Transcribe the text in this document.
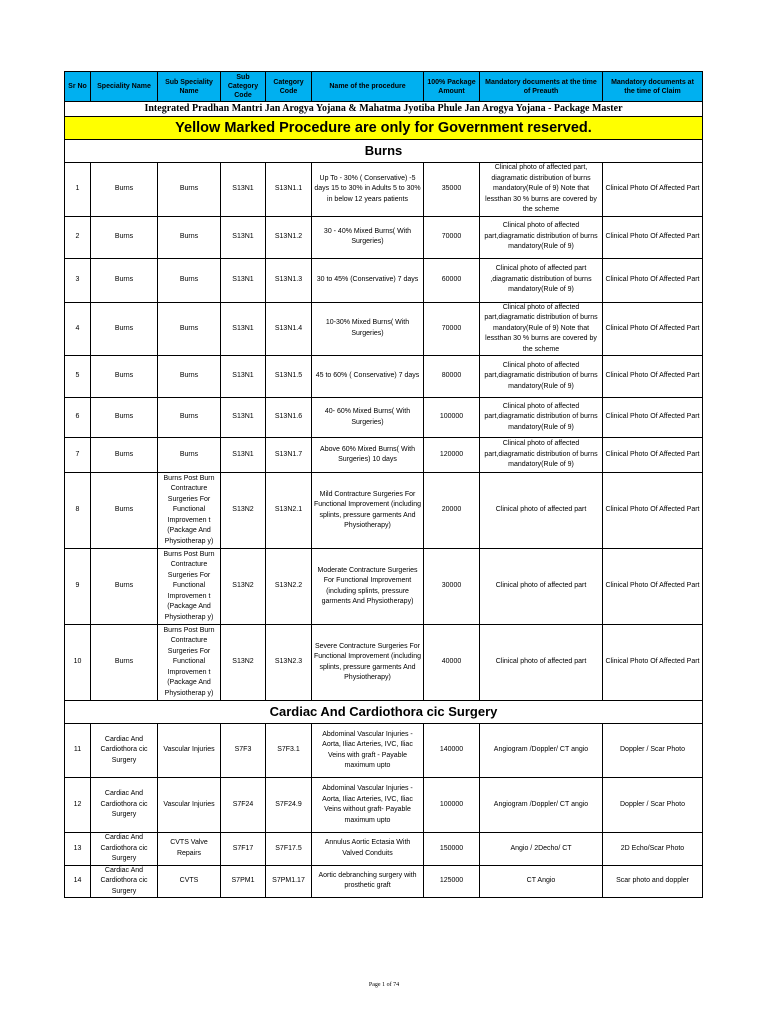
Sr No	Speciality Name	Sub Speciality Name	Sub Category Code	Category Code	Name of the procedure	100% Package Amount	Mandatory documents at the time of Preauth	Mandatory documents at the time of Claim
Integrated Pradhan Mantri Jan Arogya Yojana & Mahatma Jyotiba Phule Jan Arogya Yojana - Package Master								
Yellow Marked Procedure are only for Government reserved.								
Burns								
1	Burns	Burns	S13N1	S13N1.1	Up To - 30% ( Conservative) -5 days 15 to 30% in Adults 5 to 30% in below 12 years patients	35000	Clinical photo of affected part, diagramatic distribution of burns mandatory(Rule of 9) Note that lessthan 30 % burns are covered by the scheme	Clinical Photo Of Affected Part
2	Burns	Burns	S13N1	S13N1.2	30 - 40% Mixed Burns( With Surgeries)	70000	Clinical photo of affected part,diagramatic distribution of burns mandatory(Rule of 9)	Clinical Photo Of Affected Part
3	Burns	Burns	S13N1	S13N1.3	30 to 45% (Conservative) 7 days	60000	Clinical photo of affected part ,diagramatic distribution of burns mandatory(Rule of 9)	Clinical Photo Of Affected Part
4	Burns	Burns	S13N1	S13N1.4	10-30% Mixed Burns( With Surgeries)	70000	Clinical photo of affected part,diagramatic distribution of burns mandatory(Rule of 9) Note that lessthan 30 % burns are covered by the scheme	Clinical Photo Of Affected Part
5	Burns	Burns	S13N1	S13N1.5	45 to 60% ( Conservative) 7 days	80000	Clinical photo of affected part,diagramatic distribution of burns mandatory(Rule of 9)	Clinical Photo Of Affected Part
6	Burns	Burns	S13N1	S13N1.6	40- 60% Mixed Burns( With Surgeries)	100000	Clinical photo of affected part,diagramatic distribution of burns mandatory(Rule of 9)	Clinical Photo Of Affected Part
7	Burns	Burns	S13N1	S13N1.7	Above 60% Mixed Burns( With Surgeries) 10 days	120000	Clinical photo of affected part,diagramatic distribution of burns mandatory(Rule of 9)	Clinical Photo Of Affected Part
8	Burns	Burns Post Burn Contracture Surgeries For Functional Improvemen t (Package And Physiotherap y)	S13N2	S13N2.1	Mild Contracture Surgeries For Functional Improvement (including splints, pressure garments And Physiotherapy)	20000	Clinical photo of affected part	Clinical Photo Of Affected Part
9	Burns	Burns Post Burn Contracture Surgeries For Functional Improvemen t (Package And Physiotherap y)	S13N2	S13N2.2	Moderate Contracture Surgeries For Functional Improvement (including splints, pressure garments And Physiotherapy)	30000	Clinical photo of affected part	Clinical Photo Of Affected Part
10	Burns	Burns Post Burn Contracture Surgeries For Functional Improvemen t (Package And Physiotherap y)	S13N2	S13N2.3	Severe Contracture Surgeries For Functional Improvement (including splints, pressure garments And Physiotherapy)	40000	Clinical photo of affected part	Clinical Photo Of Affected Part
Cardiac And Cardiothora cic Surgery								
11	Cardiac And Cardiothora cic Surgery	Vascular Injuries	S7F3	S7F3.1	Abdominal Vascular Injuries - Aorta, Iliac Arteries, IVC, Iliac Veins with graft - Payable maximum upto	140000	Angiogram /Doppler/ CT angio	Doppler / Scar Photo
12	Cardiac And Cardiothora cic Surgery	Vascular Injuries	S7F24	S7F24.9	Abdominal Vascular Injuries - Aorta, Iliac Arteries, IVC, Iliac Veins without graft- Payable maximum upto	100000	Angiogram /Doppler/ CT angio	Doppler / Scar Photo
13	Cardiac And Cardiothora cic Surgery	CVTS Valve Repairs	S7F17	S7F17.5	Annulus Aortic Ectasia With Valved Conduits	150000	Angio / 2Decho/ CT	2D Echo/Scar Photo
14	Cardiac And Cardiothora cic Surgery	CVTS	S7PM1	S7PM1.17	Aortic debranching surgery with prosthetic graft	125000	CT Angio	Scar photo and doppler
Page 1 of 74
